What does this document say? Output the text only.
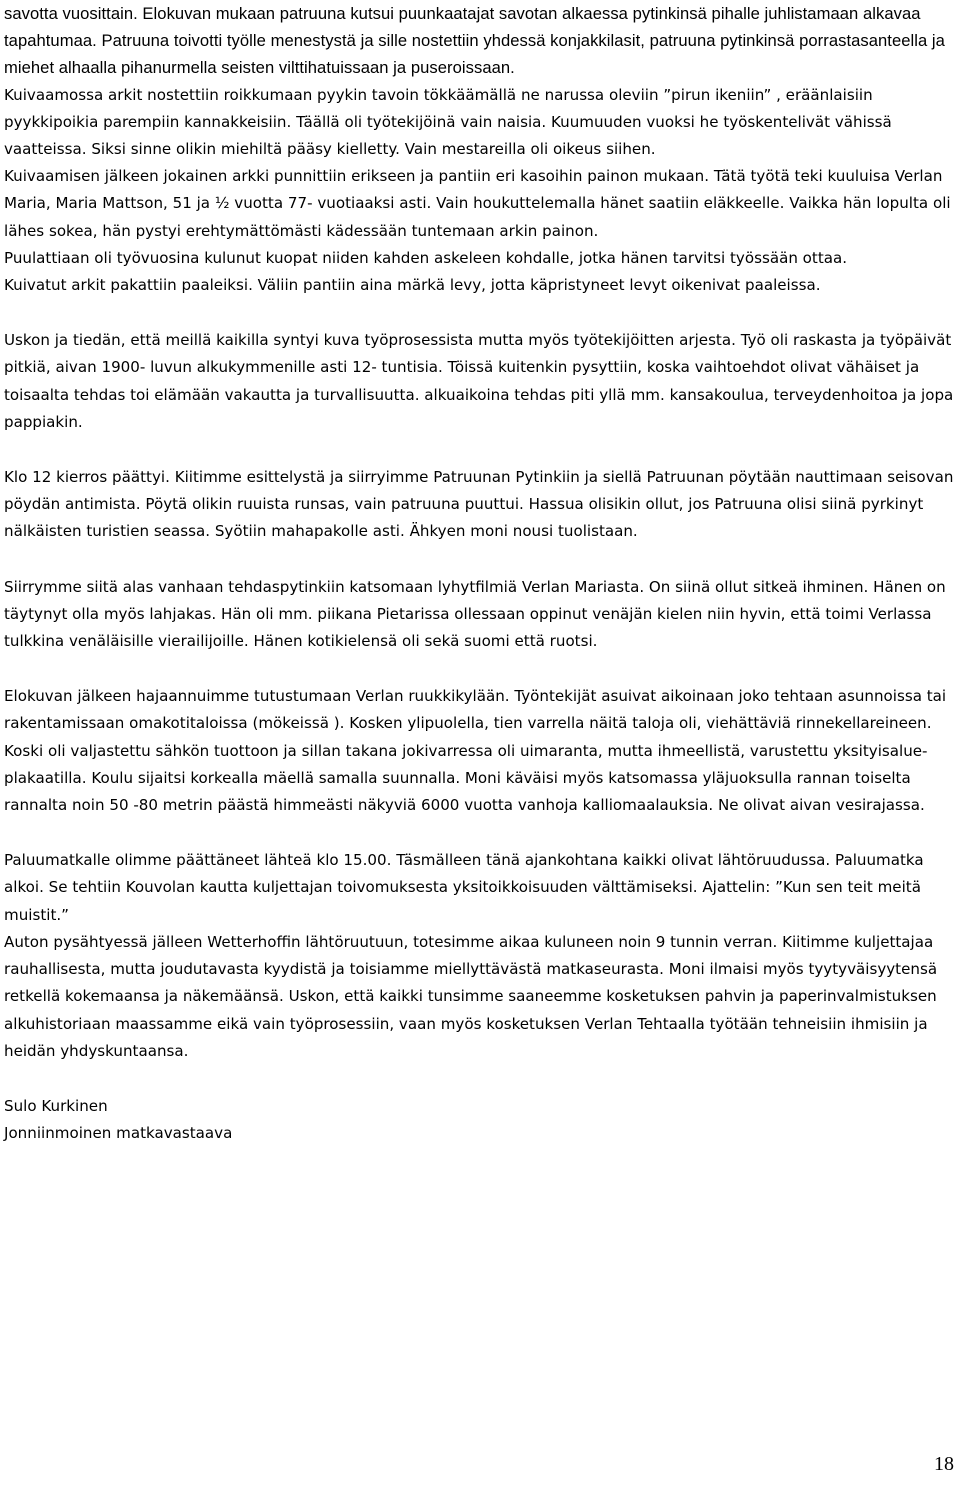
savotta vuosittain. Elokuvan mukaan patruuna kutsui puunkaatajat savotan alkaessa pytinkinsä pihalle juhlistamaan alkavaa tapahtumaa. Patruuna toivotti työlle menestystä ja sille nostettiin yhdessä konjakkilasit, patruuna pytinkinsä porrastasanteella ja miehet alhaalla pihanurmella seisten vilttihatuissaan ja puseroissaan.

Kuivaamossa arkit nostettiin roikkumaan pyykin tavoin tökkäämällä ne narussa oleviin ”pirun ikeniin” , eräänlaisiin pyykkipoikia parempiin kannakkeisiin. Täällä oli työtekijöinä vain naisia. Kuumuuden vuoksi he työskentelivät vähissä vaatteissa. Siksi sinne olikin miehiltä pääsy kielletty. Vain mestareilla oli oikeus siihen.

Kuivaamisen jälkeen jokainen arkki punnittiin erikseen ja pantiin eri kasoihin painon mukaan. Tätä työtä teki kuuluisa Verlan Maria, Maria Mattson, 51 ja ½ vuotta 77- vuotiaaksi asti. Vain houkuttelemalla hänet saatiin eläkkeelle. Vaikka hän lopulta oli lähes sokea, hän pystyi erehtymättömästi kädessään tuntemaan arkin painon.

Puulattiaan oli työvuosina kulunut kuopat niiden kahden askeleen kohdalle, jotka hänen tarvitsi työssään ottaa.

Kuivatut arkit pakattiin paaleiksi. Väliin pantiin aina märkä levy, jotta käpristyneet levyt oikenivat paaleissa.

Uskon ja tiedän, että meillä kaikilla syntyi kuva työprosessista mutta myös työtekijöitten arjesta. Työ oli raskasta ja työpäivät pitkiä, aivan 1900- luvun alkukymmenille asti 12- tuntisia. Töissä kuitenkin pysyttiin, koska vaihtoehdot olivat vähäiset ja toisaalta tehdas toi elämään vakautta ja turvallisuutta. alkuaikoina tehdas piti yllä mm. kansakoulua, terveydenhoitoa ja jopa pappiakin.

Klo 12 kierros päättyi. Kiitimme esittelystä ja siirryimme Patruunan Pytinkiin ja siellä Patruunan pöytään nauttimaan seisovan pöydän antimista. Pöytä olikin ruuista runsas, vain patruuna puuttui. Hassua olisikin ollut, jos Patruuna olisi siinä pyrkinyt nälkäisten turistien seassa. Syötiin mahapakolle asti. Ähkyen moni nousi tuolistaan.

Siirrymme siitä alas vanhaan tehdaspytinkiin katsomaan lyhytfilmiä Verlan Mariasta. On siinä ollut sitkeä ihminen. Hänen on täytynyt olla myös lahjakas. Hän oli mm. piikana Pietarissa ollessaan oppinut venäjän kielen niin hyvin, että toimi Verlassa tulkkina venäläisille vierailijoille. Hänen kotikielensä oli sekä suomi että ruotsi.

Elokuvan jälkeen hajaannuimme tutustumaan Verlan ruukkikylään. Työntekijät asuivat aikoinaan joko tehtaan asunnoissa tai rakentamissaan omakotitaloissa (mökeissä ). Kosken ylipuolella, tien varrella näitä taloja oli, viehättäviä rinnekellareineen. Koski oli valjastettu sähkön tuottoon ja sillan takana jokivarressa oli uimaranta, mutta ihmeellistä, varustettu yksityisalue- plakaatilla. Koulu sijaitsi korkealla mäellä samalla suunnalla. Moni käväisi myös katsomassa yläjuoksulla rannan toiselta rannalta noin 50 -80 metrin päästä himmeästi näkyviä 6000 vuotta vanhoja kalliomaalauksia. Ne olivat aivan vesirajassa.

Paluumatkalle olimme päättäneet lähteä klo 15.00. Täsmälleen tänä ajankohtana kaikki olivat lähtöruudussa. Paluumatka alkoi. Se tehtiin Kouvolan kautta kuljettajan toivomuksesta yksitoikkoisuuden välttämiseksi. Ajattelin: ”Kun sen teit meitä muistit.”

Auton pysähtyessä jälleen Wetterhoffin lähtöruutuun, totesimme aikaa kuluneen noin 9 tunnin verran. Kiitimme kuljettajaa rauhallisesta, mutta joudutavasta kyydistä ja toisiamme miellyttävästä matkaseurasta. Moni ilmaisi myös tyytyväisyytensä retkellä kokemaansa ja näkemäänsä. Uskon, että kaikki tunsimme saaneemme kosketuksen pahvin ja paperinvalmistuksen alkuhistoriaan maassamme eikä vain työprosessiin, vaan myös kosketuksen Verlan Tehtaalla työtään tehneisiin ihmisiin ja heidän yhdyskuntaansa.

Sulo Kurkinen

Jonniinmoinen matkavastaava

18
